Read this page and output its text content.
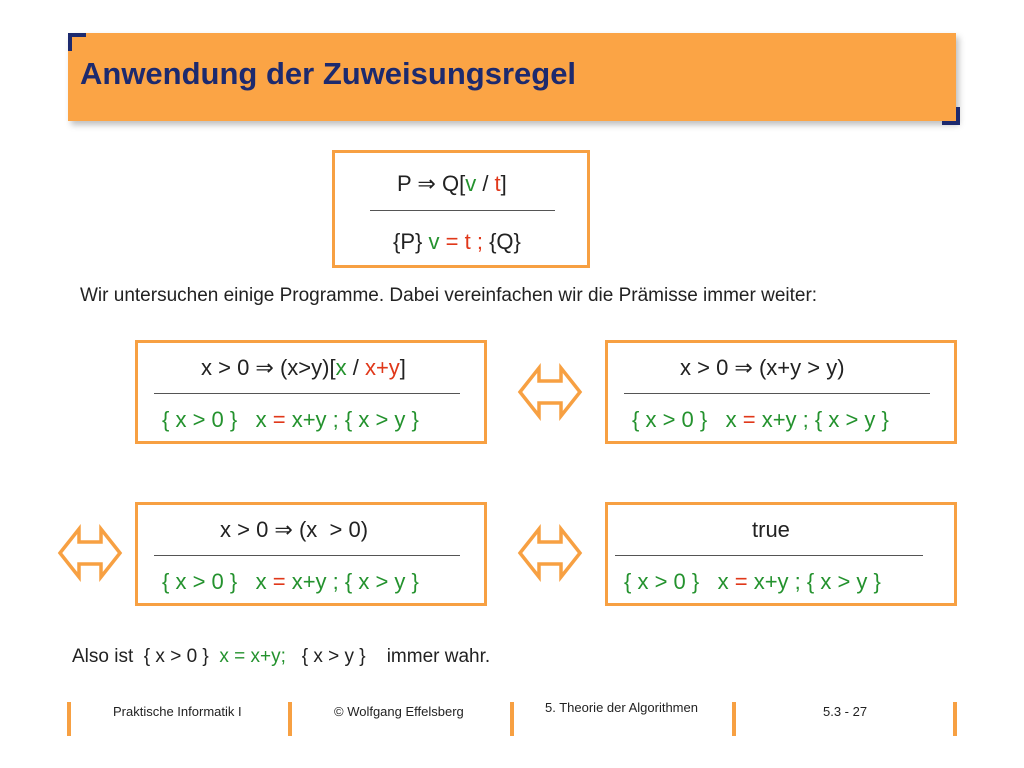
Anwendung der Zuweisungsregel
P ⇒ Q[v / t]
{P} v = t ; {Q}
Wir untersuchen einige Programme. Dabei vereinfachen wir die Prämisse immer weiter:
x > 0 ⇒ (x>y)[x / x+y]
{ x > 0 } x = x+y ; { x > y }
x > 0 ⇒ (x+y > y)
{ x > 0 } x = x+y ; { x > y }
x > 0 ⇒ (x  > 0)
{ x > 0 } x = x+y ; { x > y }
true
{ x > 0 } x = x+y ; { x > y }
Also ist  { x > 0 }  x = x+y;   { x > y }    immer wahr.
Praktische Informatik I	© Wolfgang Effelsberg	5. Theorie der Algorithmen	5.3 - 27
